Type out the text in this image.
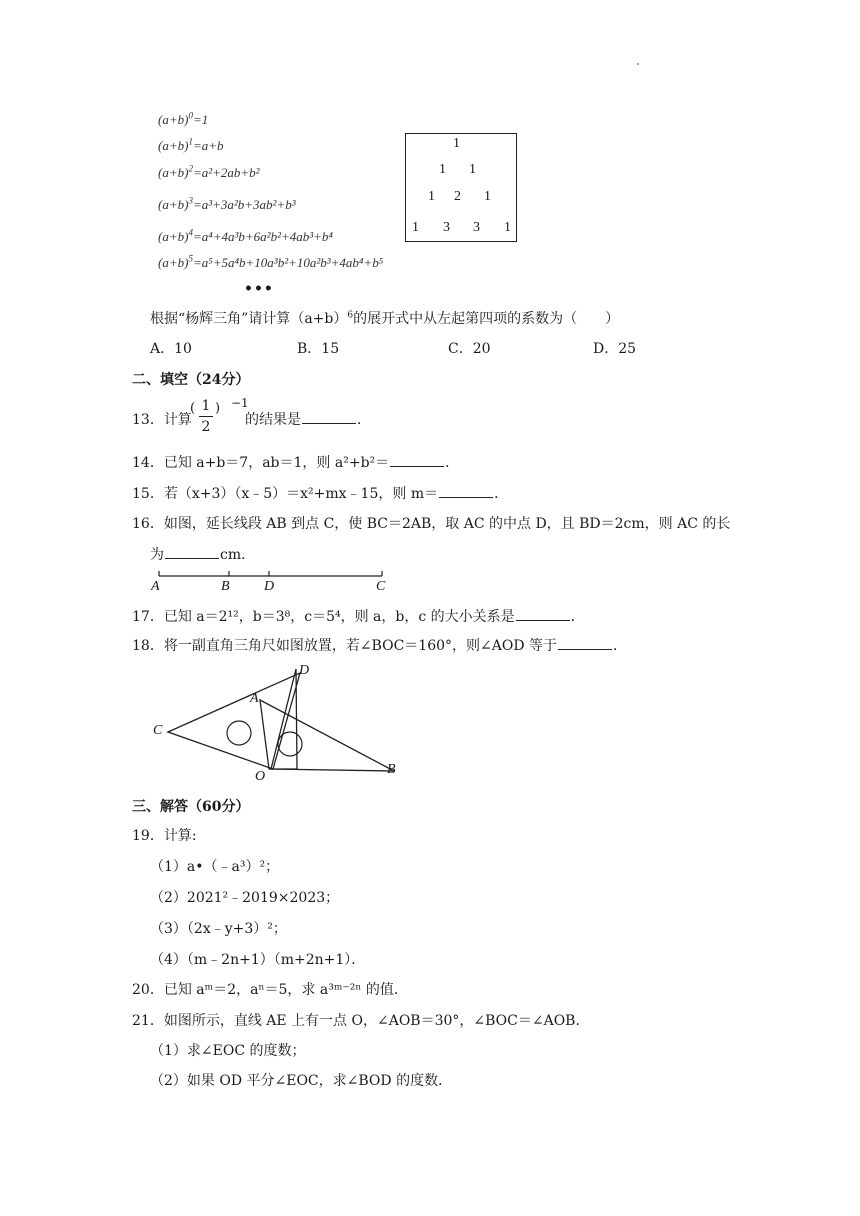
$(a+b)^0=1$
$(a+b)^1=a+b$
$(a+b)^2=a^2+2ab+b^2$
$(a+b)^3=a^3+3a^2b+3ab^2+b^3$
$(a+b)^4=a^4+4a^3b+6a^2b^2+4ab^3+b^4$
$(a+b)^5=a^5+5a^4b+10a^3b^2+10a^2b^3+4ab^4+b^5$
•••
1
1 1
1 2 1
1 3 3 1
根据“杨辉三角”请计算$(a+b)^6$的展开式中从左起第四项的系数为（　　）
A．10	B．15	C．20	D．25
二、填空（24分）
13．计算
( 1
2
) −1
的结果是	．
14．已知 a+b＝7，ab＝1，则 a²+b²＝	．
15．若（x+3）（x﹣5）＝x²+mx﹣15，则 m＝	．
16．如图，延长线段 AB 到点 C，使 BC＝2AB，取 AC 的中点 D，且 BD＝2cm，则 AC 的长
为	cm．
A	B D	C
17．已知 a＝2¹²，b＝3⁸，c＝5⁴，则 a，b，c 的大小关系是	．
18．将一副直角三角尺如图放置，若∠BOC＝160°，则∠AOD 等于	．
D
A
C
O	B
三、解答（60分）
19．计算:
（1）a•（﹣a³）²；
（2）2021²﹣2019×2023；
（3）（2x﹣y+3）²；
（4）（m﹣2n+1）（m+2n+1）．
20．已知 aᵐ＝2，aⁿ＝5，求 a³ᵐ⁻²ⁿ 的值．
21．如图所示，直线 AE 上有一点 O，∠AOB＝30°，∠BOC＝∠AOB．
（1）求∠EOC 的度数；
（2）如果 OD 平分∠EOC，求∠BOD 的度数．
